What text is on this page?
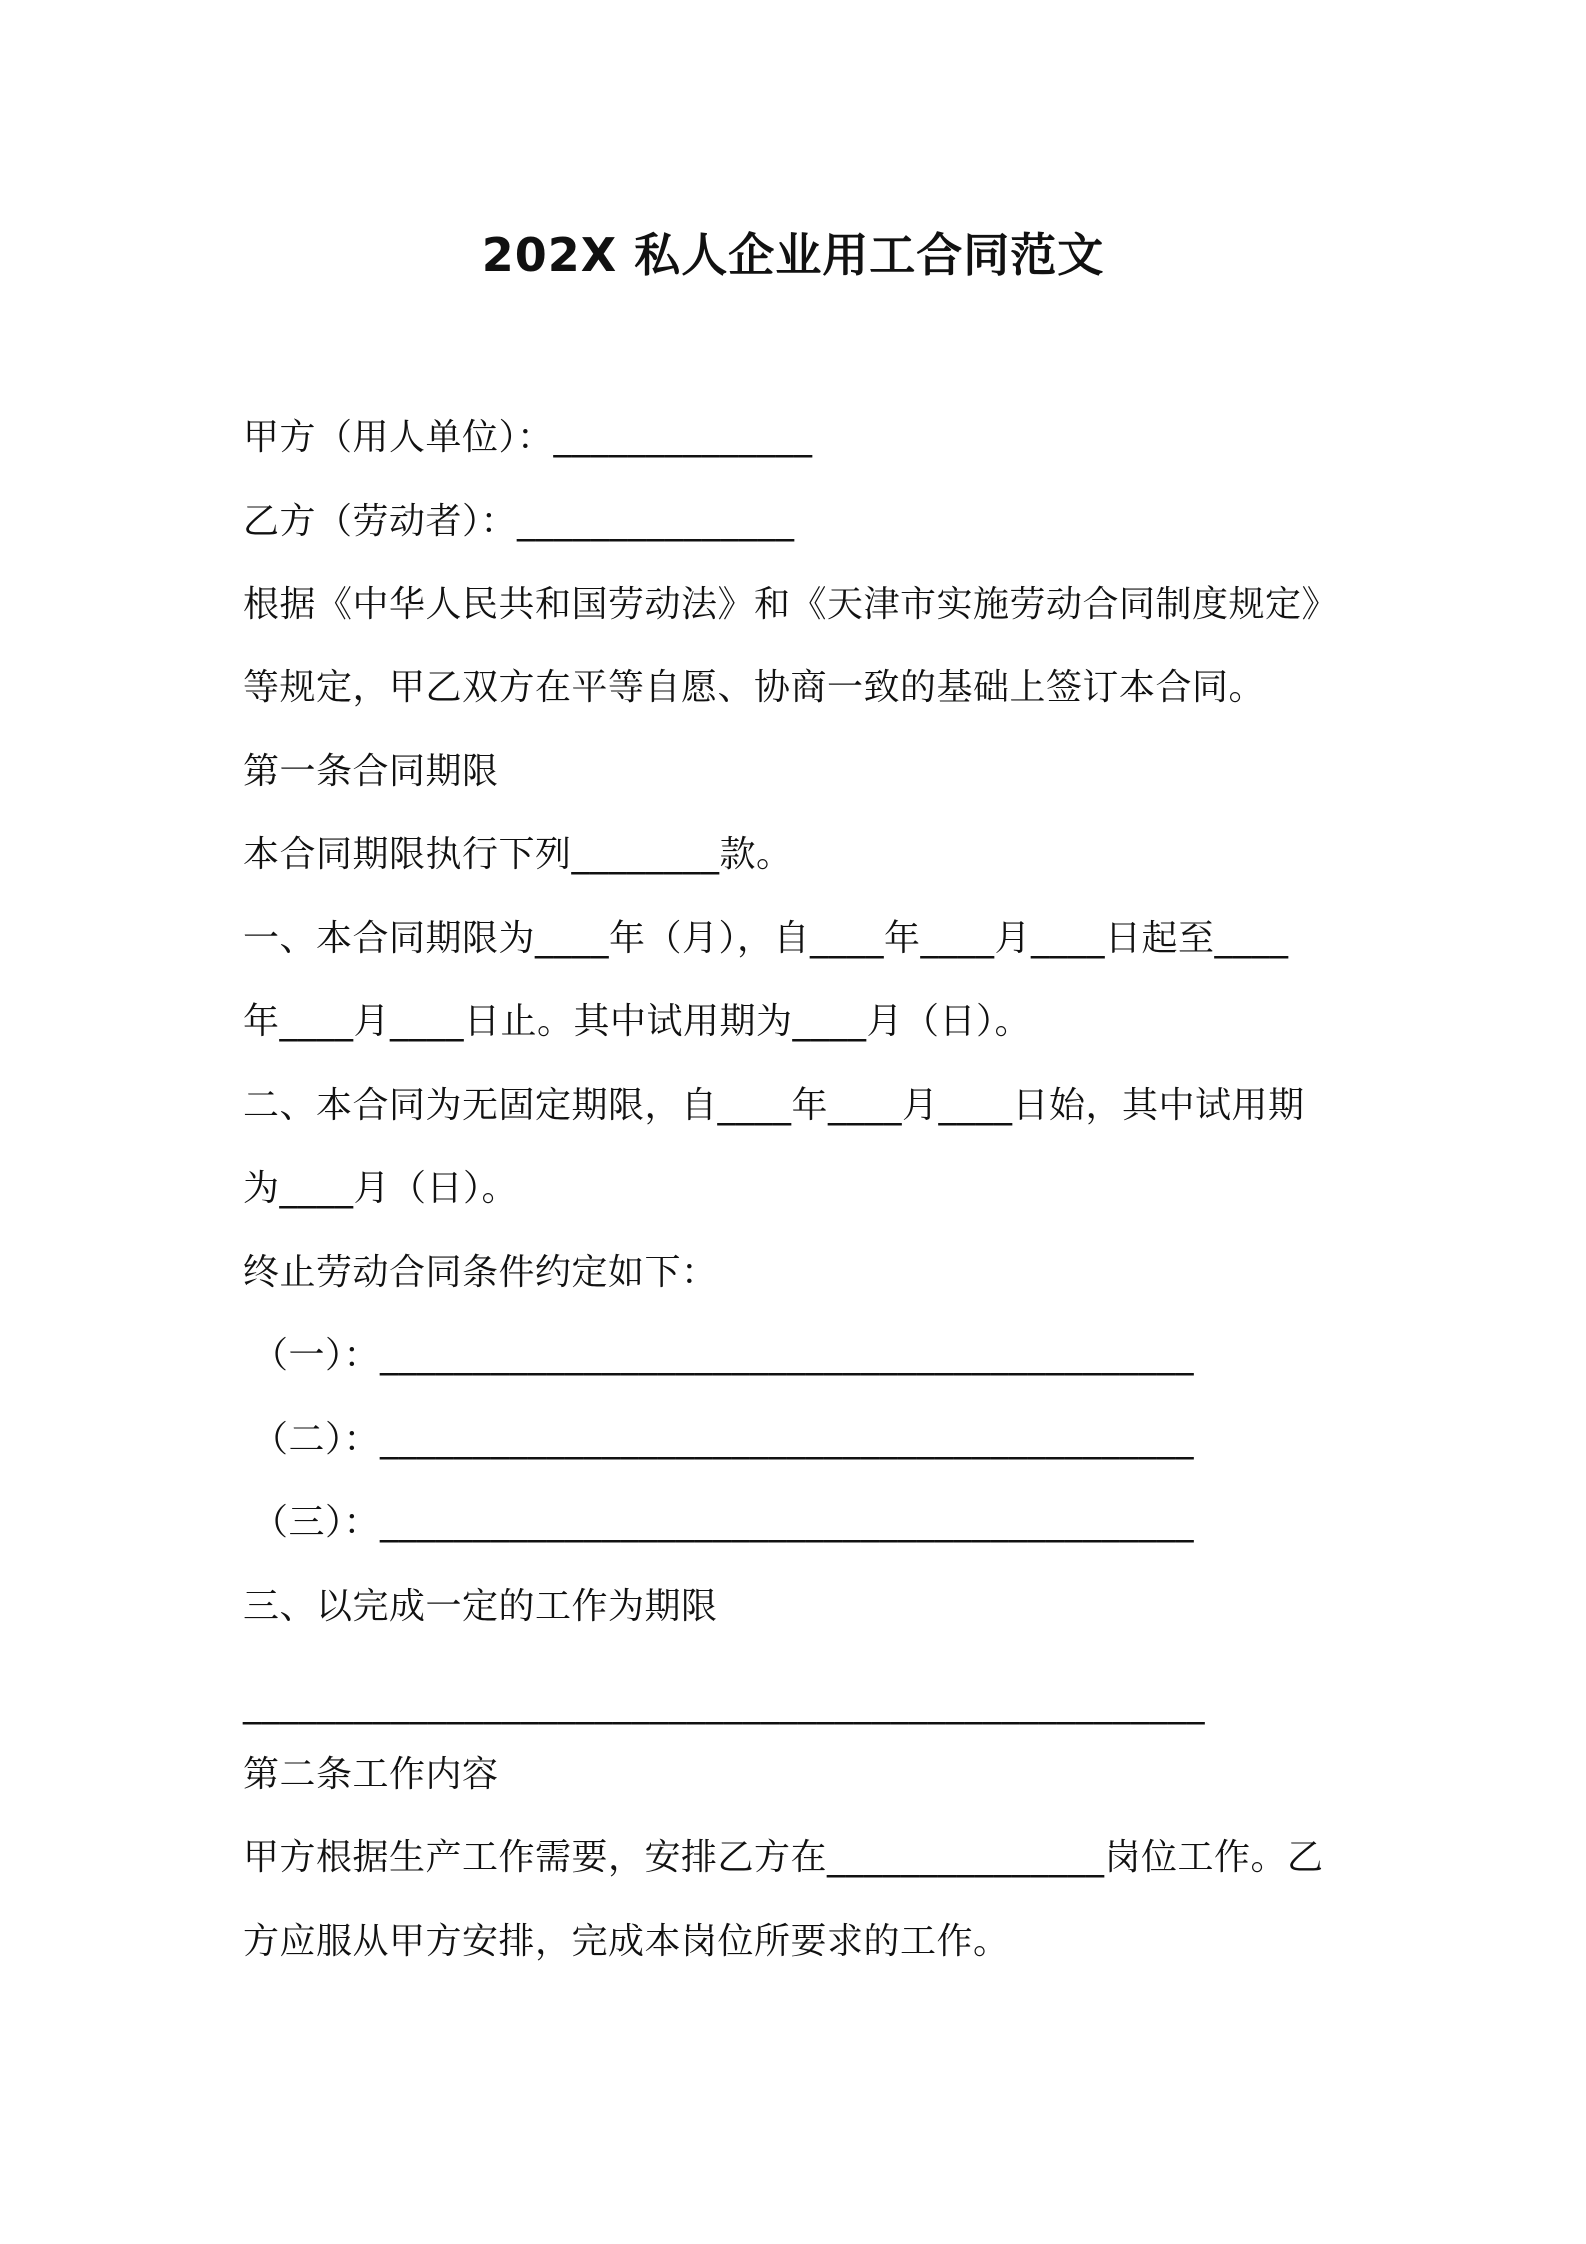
202X 私人企业用工合同范文
甲方（用人单位）：______________
乙方（劳动者）：_______________
根据《中华人民共和国劳动法》和《天津市实施劳动合同制度规定》
等规定，甲乙双方在平等自愿、协商一致的基础上签订本合同。
第一条合同期限
本合同期限执行下列________款。
一、本合同期限为____年（月），自____年____月____日起至____
年____月____日止。其中试用期为____月（日）。
二、本合同为无固定期限，自____年____月____日始，其中试用期
为____月（日）。
终止劳动合同条件约定如下：
（一）：____________________________________________
（二）：____________________________________________
（三）：____________________________________________
三、以完成一定的工作为期限
____________________________________________________
第二条工作内容
甲方根据生产工作需要，安排乙方在_______________岗位工作。乙
方应服从甲方安排，完成本岗位所要求的工作。
